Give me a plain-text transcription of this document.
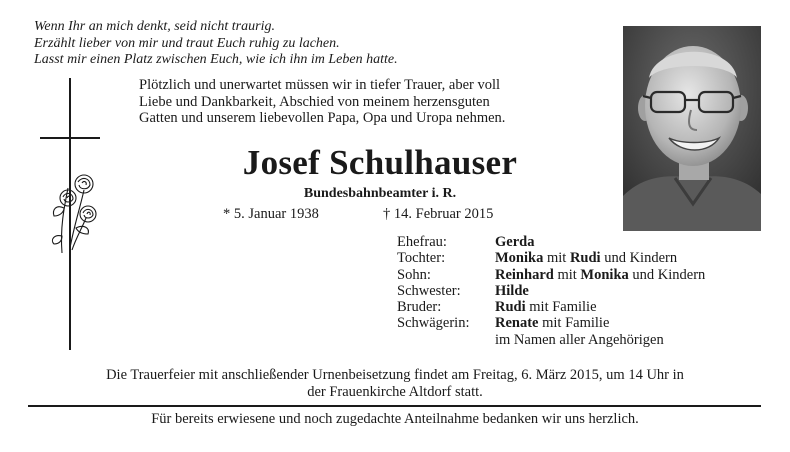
Wenn Ihr an mich denkt, seid nicht traurig.
Erzählt lieber von mir und traut Euch ruhig zu lachen.
Lasst mir einen Platz zwischen Euch, wie ich ihn im Leben hatte.
Plötzlich und unerwartet müssen wir in tiefer Trauer, aber voll
Liebe und Dankbarkeit, Abschied von meinem herzensguten
Gatten und unserem liebevollen Papa, Opa und Uropa nehmen.
Josef Schulhauser
Bundesbahnbeamter i. R.
* 5. Januar 1938	† 14. Februar 2015
Ehefrau:	Gerda
Tochter:	Monika mit Rudi und Kindern
Sohn:	Reinhard mit Monika und Kindern
Schwester:	Hilde
Bruder:	Rudi mit Familie
Schwägerin:	Renate mit Familie
im Namen aller Angehörigen
Die Trauerfeier mit anschließender Urnenbeisetzung findet am Freitag, 6. März 2015, um 14 Uhr in
der Frauenkirche Altdorf statt.
Für bereits erwiesene und noch zugedachte Anteilnahme bedanken wir uns herzlich.
